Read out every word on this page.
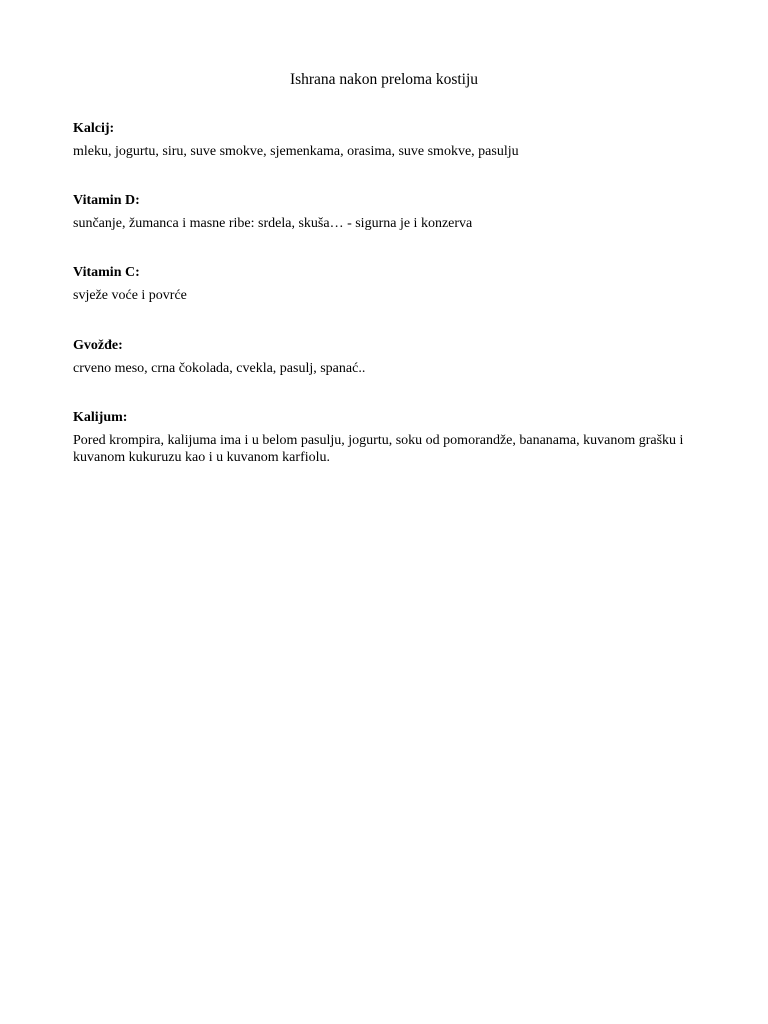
Ishrana nakon preloma kostiju

Kalcij:

mleku, jogurtu, siru, suve smokve, sjemenkama, orasima, suve smokve, pasulju

Vitamin D:

sunčanje, žumanca i masne ribe: srdela, skuša… - sigurna je i konzerva

Vitamin C:

svježe voće i povrće

Gvožđe:

crveno meso, crna čokolada, cvekla, pasulj, spanać..

Kalijum:

Pored krompira, kalijuma ima i u belom pasulju, jogurtu, soku od pomorandže, bananama, kuvanom grašku i kuvanom kukuruzu kao i u kuvanom karfiolu.
